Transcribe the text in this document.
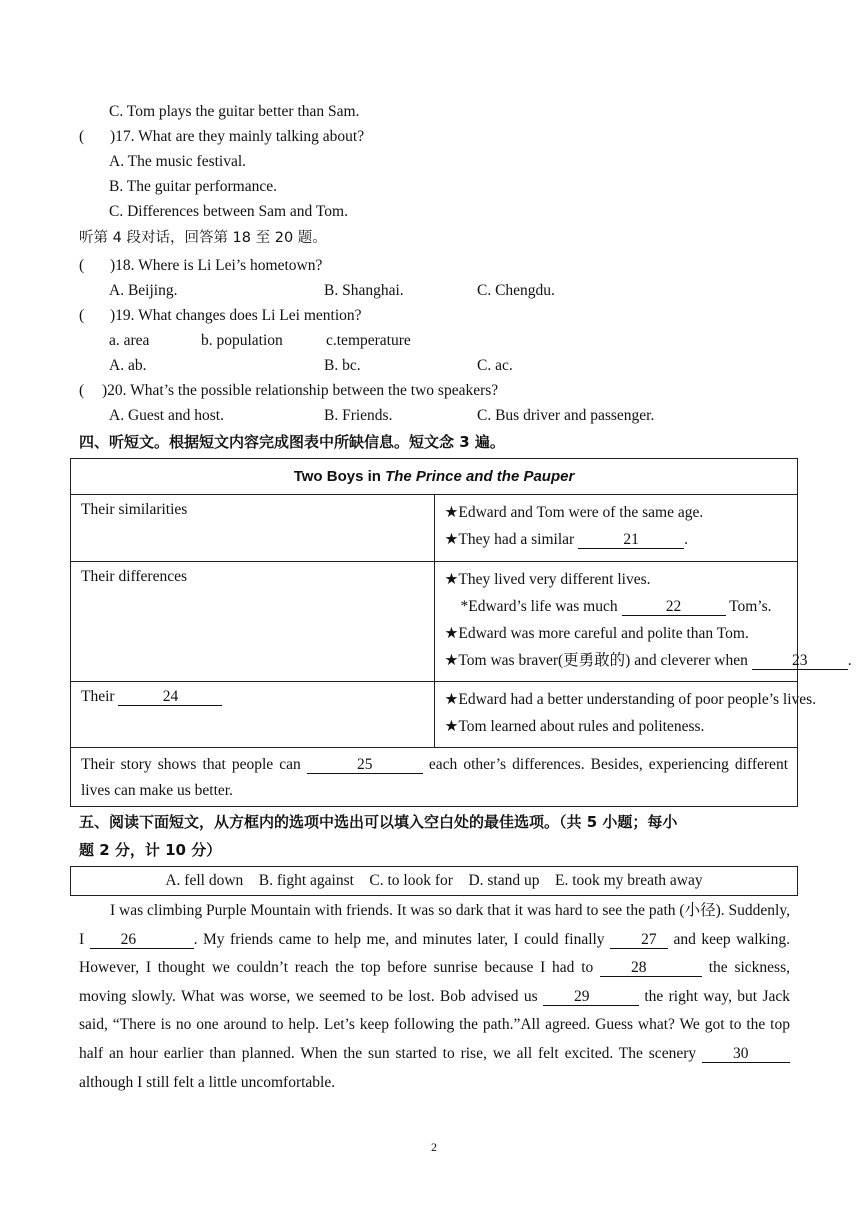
C. Tom plays the guitar better than Sam.
( )17. What are they mainly talking about?
A. The music festival.
B. The guitar performance.
C. Differences between Sam and Tom.
听第 4 段对话，回答第 18 至 20 题。
( )18. Where is Li Lei’s hometown?
A. Beijing.	B. Shanghai.	C. Chengdu.
( )19. What changes does Li Lei mention?
a. area	b. population	c.temperature
A. ab.	B. bc.	C. ac.
( )20. What’s the possible relationship between the two speakers?
A. Guest and host.	B. Friends.	C. Bus driver and passenger.
四、听短文。根据短文内容完成图表中所缺信息。短文念 3 遍。
Two Boys in The Prince and the Pauper	
Their similarities	★Edward and Tom were of the same age.
★They had a similar 21 .

Their differences	★They lived very different lives.
*Edward’s life was much 22 Tom’s.
★Edward was more careful and polite than Tom.
★Tom was braver(更勇敢的) and cleverer when 23 .

Their 24	★Edward had a better understanding of poor people’s lives.
★Tom learned about rules and politeness.

Their story shows that people can 25 each other’s differences. Besides, experiencing different lives can make us better.	
五、阅读下面短文，从方框内的选项中选出可以填入空白处的最佳选项。（共 5 小题；每小
题 2 分，计 10 分）
A. fell down    B. fight against    C. to look for    D. stand up    E. took my breath away

I was climbing Purple Mountain with friends. It was so dark that it was hard to see the path (小径). Suddenly, I 26	. My friends came to help me, and minutes later, I could finally 27 and keep walking. However, I thought we couldn’t reach the top before sunrise because I had to 28	the sickness, moving slowly. What was worse, we seemed to be lost. Bob advised us 29	the right way, but Jack said, “There is no one around to help. Let’s keep following the path.”All agreed. Guess what? We got to the top half an hour earlier than planned. When the sun started to rise, we all felt excited. The scenery 30 although I still felt a little uncomfortable.

2
